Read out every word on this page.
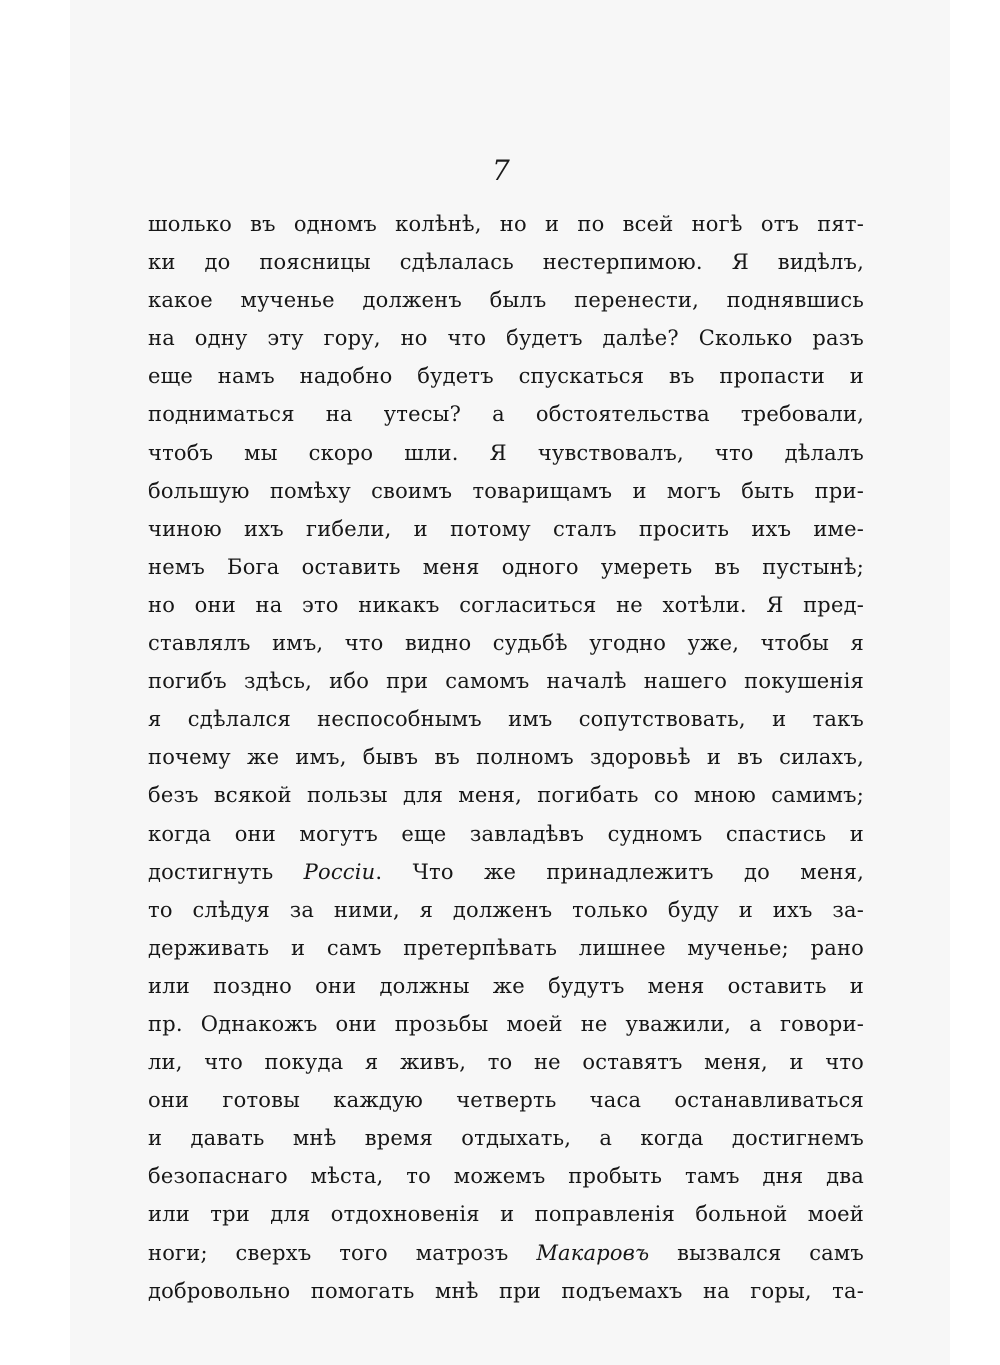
7
шолько въ одномъ колѣнѣ, но и по всей ногѣ отъ пят-
ки до поясницы сдѣлалась нестерпимою. Я видѣлъ,
какое мученье долженъ былъ перенести, поднявшись
на одну эту гору, но что будетъ далѣе? Сколько разъ
еще намъ надобно будетъ спускаться въ пропасти и
подниматься на утесы? а обстоятельства требовали,
чтобъ мы скоро шли. Я чувствовалъ, что дѣлалъ
большую помѣху своимъ товарищамъ и могъ быть при-
чиною ихъ гибели, и потому сталъ просить ихъ име-
немъ Бога оставить меня одного умереть въ пустынѣ;
но они на это никакъ согласиться не хотѣли. Я пред-
ставлялъ имъ, что видно судьбѣ угодно уже, чтобы я
погибъ здѣсь, ибо при самомъ началѣ нашего покушенія
я сдѣлался неспособнымъ имъ сопутствовать, и такъ
почему же имъ, бывъ въ полномъ здоровьѣ и въ силахъ,
безъ всякой пользы для меня, погибать со мною самимъ;
когда они могутъ еще завладѣвъ судномъ спастись и
достигнуть Россіи. Что же принадлежитъ до меня,
то слѣдуя за ними, я долженъ только буду и ихъ за-
держивать и самъ претерпѣвать лишнее мученье; рано
или поздно они должны же будутъ меня оставить и
пр. Однакожъ они прозьбы моей не уважили, а говори-
ли, что покуда я живъ, то не оставятъ меня, и что
они готовы каждую четверть часа останавливаться
и давать мнѣ время отдыхать, а когда достигнемъ
безопаснаго мѣста, то можемъ пробыть тамъ дня два
или три для отдохновенія и поправленія больной моей
ноги; сверхъ того матрозъ Макаровъ вызвался самъ
добровольно помогать мнѣ при подъемахъ на горы, та-
